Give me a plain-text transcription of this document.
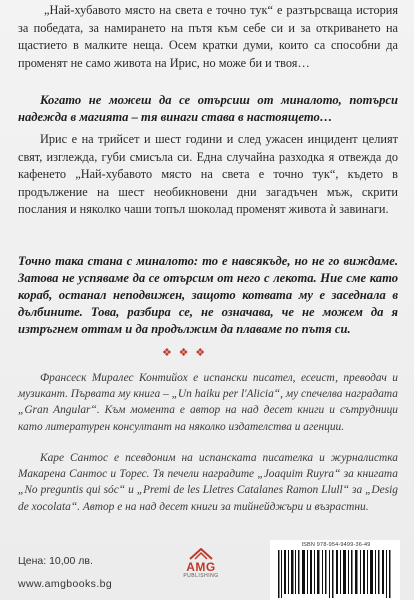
„Най-хубавото място на света е точно тук“ е разтърсваща история за победата, за намирането на пътя към себе си и за откриването на щастието в малките неща. Осем кратки думи, които са способни да променят не само живота на Ирис, но може би и твоя…
Когато не можеш да се отърсиш от миналото, потърси надежда в магията – тя винаги става в настоящето…
Ирис е на трийсет и шест години и след ужасен инцидент целият свят, изглежда, губи смисъла си. Една случайна разходка я отвежда до кафенето „Най-хубавото място на света е точно тук“, където в продължение на шест необикновени дни загадъчен мъж, скрити послания и няколко чаши топъл шоколад променят живота ѝ завинаги.
Точно така стана с миналото: то е навсякъде, но не го виждаме. Затова не успяваме да се отърсим от него с лекота. Ние сме като кораб, останал неподвижен, защото котвата му е заседнала в дълбините. Това, разбира се, не означава, че не можем да я изтръгнем оттам и да продължим да плаваме по пътя си.
❖ ❖ ❖
Франсеск Миралес Контийох е испански писател, есеист, преводач и музикант. Първата му книга – „Un haiku per l'Alicia“, му спечелва наградата „Gran Angular“. Към момента е автор на над десет книги и сътрудници като литературен консултант на няколко издателства и агенции.
Каре Сантос е псевдоним на испанската писателка и журналистка Макарена Сантос и Торес. Тя печели наградите „Joaquim Ruyra“ за книгата „No preguntis qui sóc“ и „Premi de les Lletres Catalanes Ramon Llull“ за „Desig de xocolata“. Автор е на над десет книги за тийнейджъри и възрастни.
Цена: 10,00 лв.
www.amgbooks.bg
AMG
PUBLISHING
ISBN 978-954-9499-36-49
